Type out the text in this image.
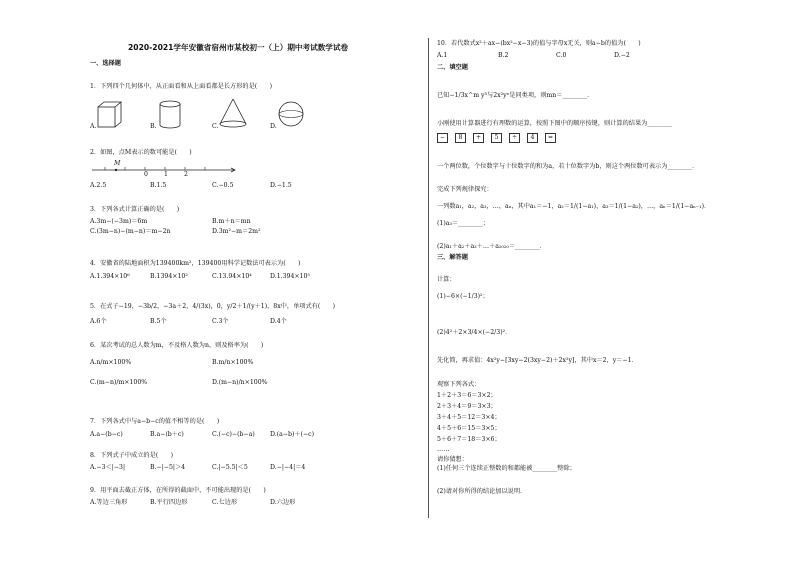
2020-2021学年安徽省宿州市某校初一（上）期中考试数学试卷
一、选择题
1．下列四个几何体中，从正面看和从上面看都是长方形的是(　　)
A.	B.	C.	D.
2．如图，点M表示的数可能是(　　)
M
0	1	2
A.2.5	B.1.5	C.−0.5	D.−1.5
3．下列各式计算正确的是(　　)
A.3m−(−3m)＝6m	B.m＋n＝mn
C.(3m−n)−(m−n)＝m−2n	D.3m²−m＝2m²
4．安徽省的陆地面积为139400km²，139400用科学记数法可表示为(　　)
A.1.394×10⁶	B.1394×10²	C.13.94×10⁴	D.1.394×10⁵
5．在式子−19，−3b/2，−3a＋2，4/(3x)，0，y/2＋1/(y＋1)，8x中，单项式有(　　)
A.6个	B.5个	C.3个	D.4个
6．某次考试的总人数为m，不及格人数为n，则及格率为(　　)
A.n/m×100%	B.m/n×100%
C.(m−n)/m×100%	D.(m−n)/n×100%
7．下列各式中与a−b−c的值不相等的是(　　)
A.a−(b−c)	B.a−(b＋c)	C.(−c)−(b−a) D.(a−b)＋(−c)
8．下列式子中成立的是(　　)
A.−3＜|−3|	B.−|−5|＞4	C.|−5.5|＜5	D.−|−4|＝4
9．用平面去截正方体，在所得的截面中，不可能出现的是(　　)
A.等边三角形	B.平行四边形	C.七边形	D.六边形
10．若代数式x²＋ax−(bx²−x−3)的值与字母x无关，则a−b的值为(　　)
A.1	B.2	C.0	D.−2
二、填空题
已知−1/3x^m y³与2x²yⁿ是同类项，则mn＝________．
小刚使用计算器进行有理数的运算，按照下图中的顺序按键，则计算的结果为________
−	8	+	5	÷	4	=
一个两位数，个位数字与十位数字的和为a，若十位数字为b，则这个两位数可表示为________．
完成下列规律探究：
一列数a₁，a₂，a₃，…，aₙ，其中a₁＝−1，a₂＝1/(1−a₁)，a₃＝1/(1−a₂)，…，aₙ＝1/(1−aₙ₋₁)．
(1)a₃＝________；
(2)a₁＋a₂＋a₃＋…＋a₂₀₂₀＝________．
三、解答题
计算：
(1)−6×(−1/3)²；
(2)4²＋2×3/4×(−2/3)²．
先化简，再求值：4x²y−[3xy−2(3xy−2)＋2x²y]，其中x＝2，y＝−1．
观察下列各式：
1＋2＋3＝6＝3×2；
2＋3＋4＝9＝3×3；
3＋4＋5＝12＝3×4；
4＋5＋6＝15＝3×5；
5＋6＋7＝18＝3×6；
……
请你猜想：
(1)任何三个连续正整数的和都能被________整除；
(2)请对你所得的结论加以说明．
